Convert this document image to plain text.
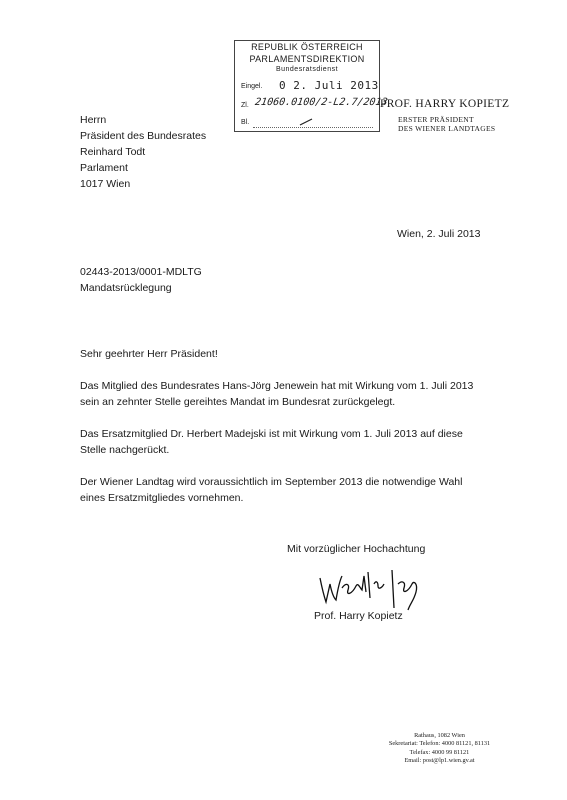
REPUBLIK ÖSTERREICH
PARLAMENTSDIREKTION
Bundesratsdienst
Eingel. 0 2. Juli 2013
Zl. 21060.0100/2-L2.7/2013
Bl.
PROF. HARRY KOPIETZ
ERSTER PRÄSIDENT
DES WIENER LANDTAGES
Herrn
Präsident des Bundesrates
Reinhard Todt
Parlament
1017 Wien
Wien, 2. Juli 2013
02443-2013/0001-MDLTG
Mandatsrücklegung
Sehr geehrter Herr Präsident!
Das Mitglied des Bundesrates Hans-Jörg Jenewein hat mit Wirkung vom 1. Juli 2013
sein an zehnter Stelle gereihtes Mandat im Bundesrat zurückgelegt.
Das Ersatzmitglied Dr. Herbert Madejski ist mit Wirkung vom 1. Juli 2013 auf diese
Stelle nachgerückt.
Der Wiener Landtag wird voraussichtlich im September 2013 die notwendige Wahl
eines Ersatzmitgliedes vornehmen.
Mit vorzüglicher Hochachtung
Prof. Harry Kopietz
Rathaus, 1082 Wien
Sekretariat: Telefon: 4000 81121, 81131
Telefax: 4000 99 81121
Email: post@lp1.wien.gv.at
